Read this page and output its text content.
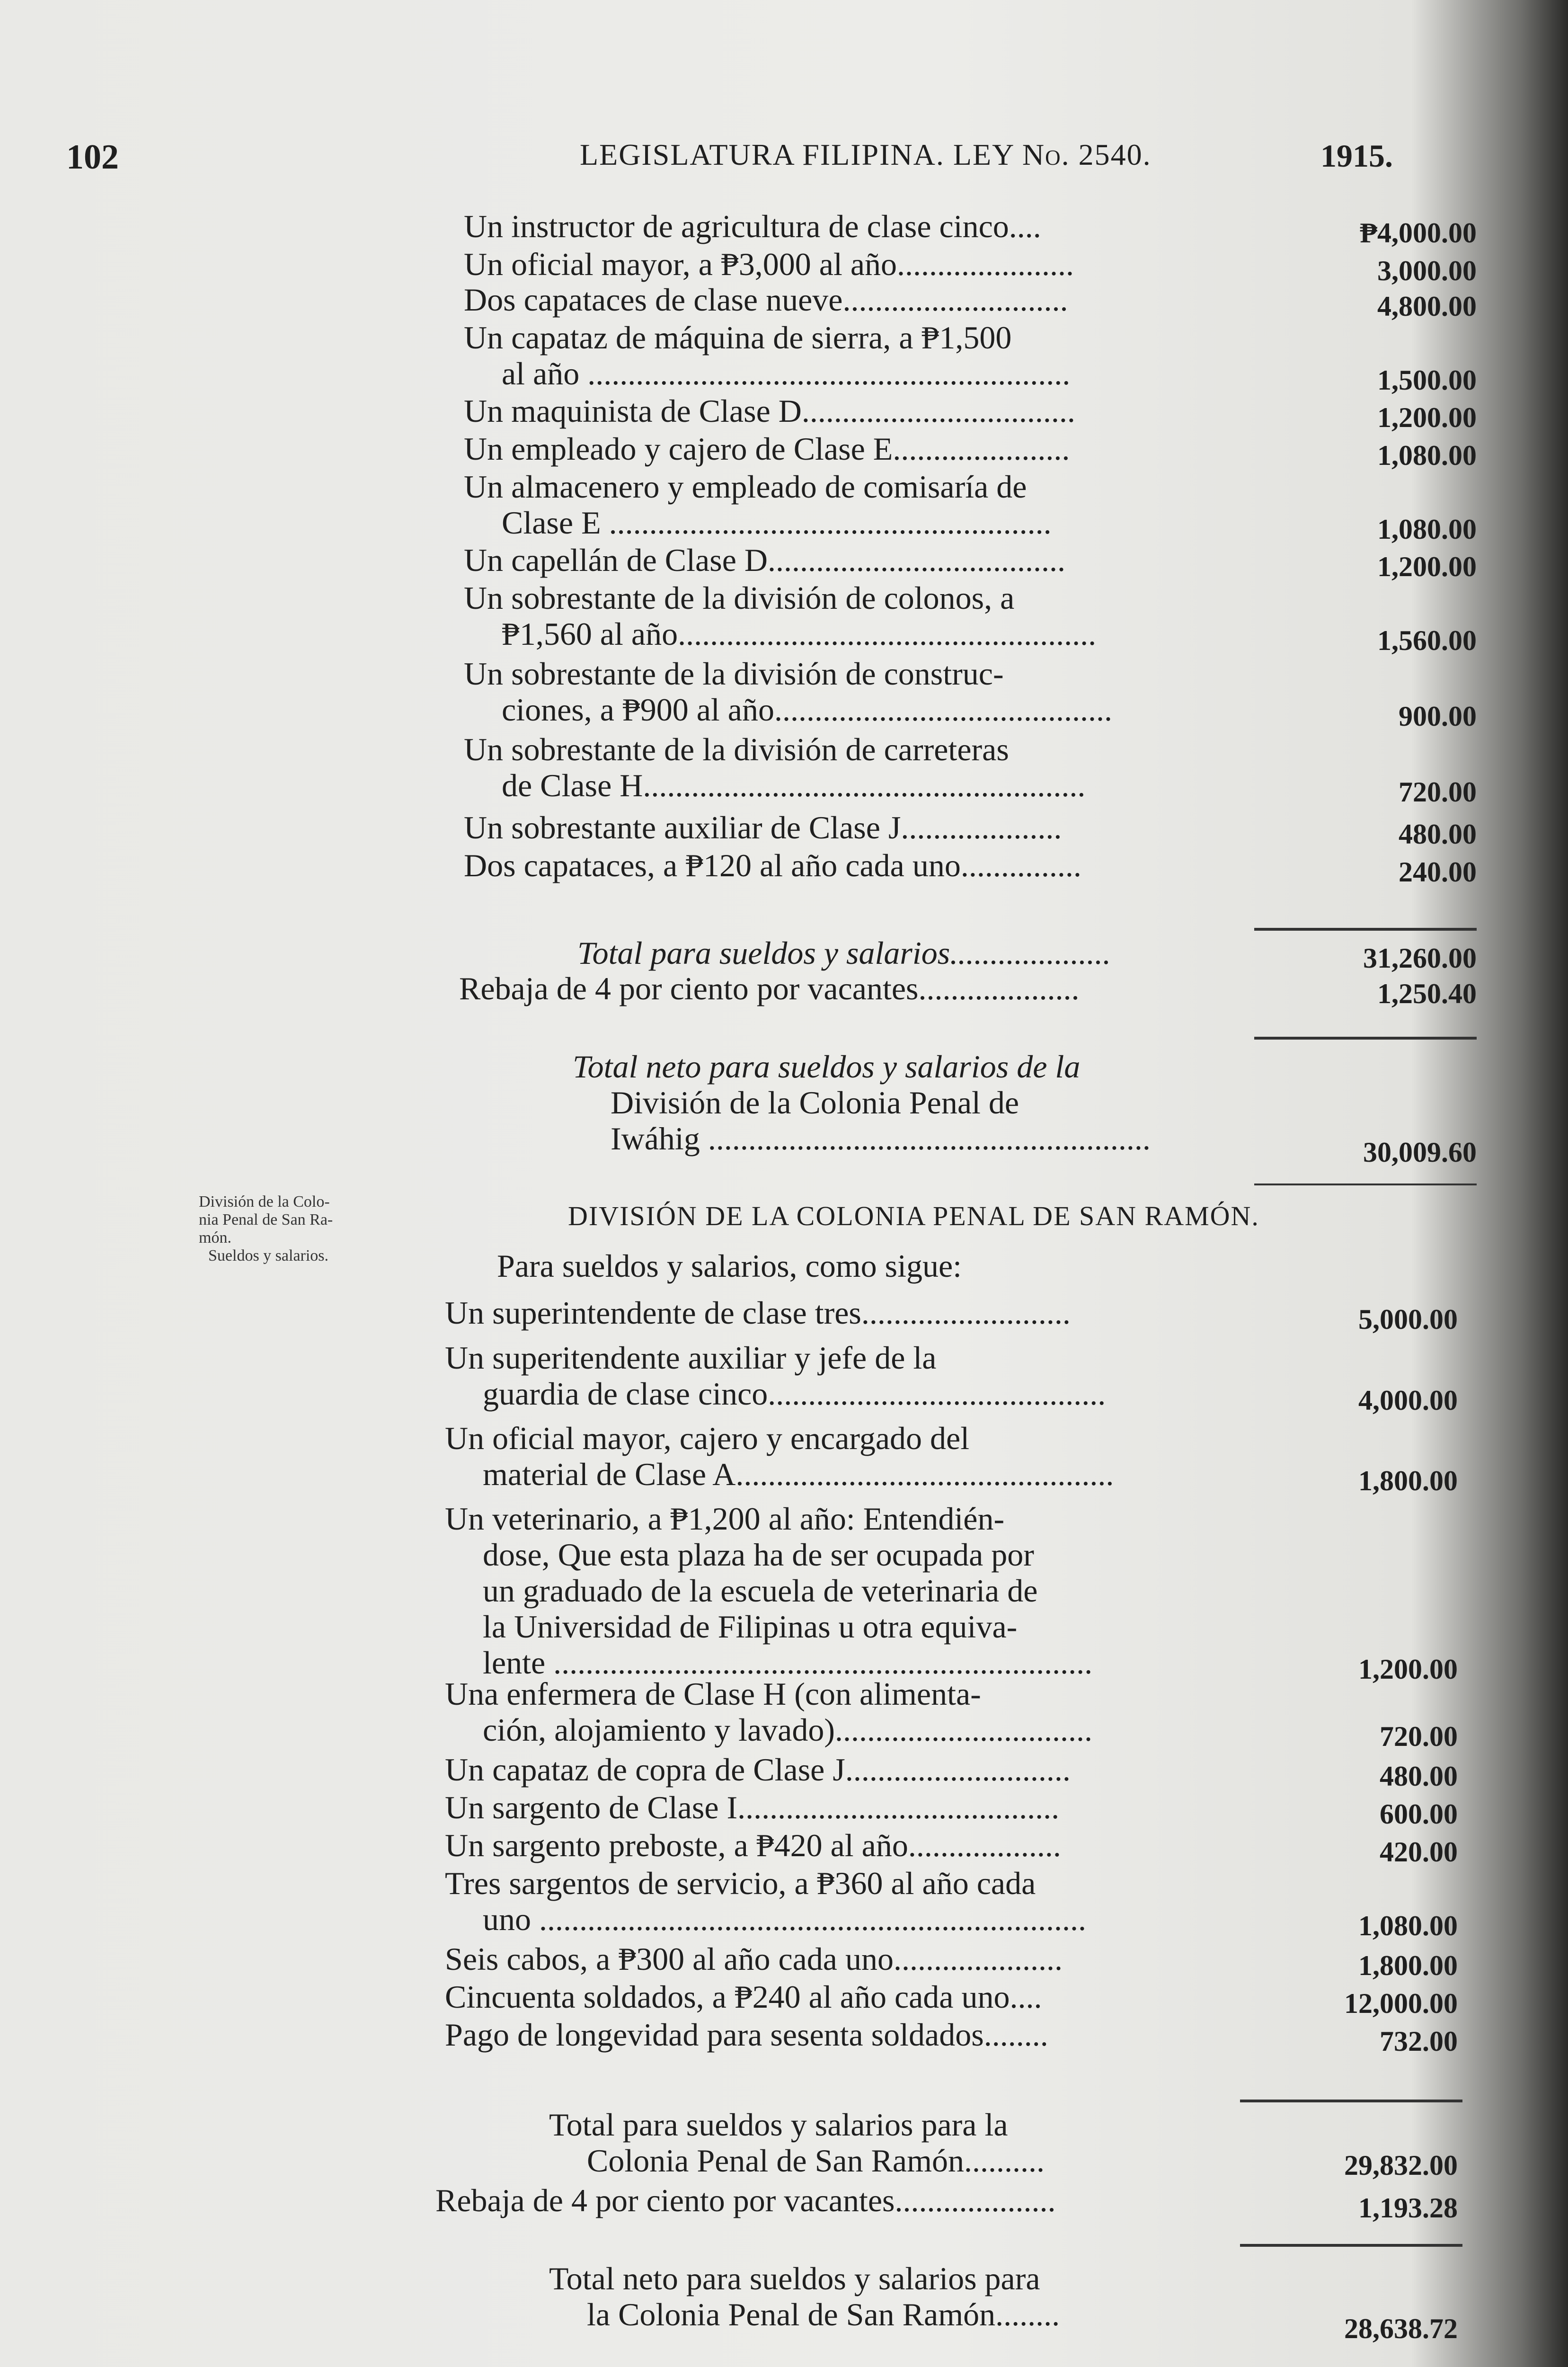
102	LEGISLATURA FILIPINA. LEY No. 2540.	1915.
Un instructor de agricultura de clase cinco....	₱4,000.00
Un oficial mayor, a ₱3,000 al año......................	3,000.00
Dos capataces de clase nueve............................	4,800.00
Un capataz de máquina de sierra, a ₱1,500
al año ............................................................	1,500.00
Un maquinista de Clase D..................................	1,200.00
Un empleado y cajero de Clase E......................	1,080.00
Un almacenero y empleado de comisaría de
Clase E .......................................................	1,080.00
Un capellán de Clase D.....................................	1,200.00
Un sobrestante de la división de colonos, a
₱1,560 al año....................................................	1,560.00
Un sobrestante de la división de construc-
ciones, a ₱900 al año..........................................	900.00
Un sobrestante de la división de carreteras
de Clase H.......................................................	720.00
Un sobrestante auxiliar de Clase J....................	480.00
Dos capataces, a ₱120 al año cada uno...............	240.00
Total para sueldos y salarios....................	31,260.00
Rebaja de 4 por ciento por vacantes....................	1,250.40
Total neto para sueldos y salarios de la
División de la Colonia Penal de
Iwáhig .......................................................	30,009.60
División de la Colo-
nia Penal de San Ra-
món.
Sueldos y salarios.
DIVISIÓN DE LA COLONIA PENAL DE SAN RAMÓN.
Para sueldos y salarios, como sigue:
Un superintendente de clase tres..........................	5,000.00
Un superitendente auxiliar y jefe de la
guardia de clase cinco..........................................	4,000.00
Un oficial mayor, cajero y encargado del
material de Clase A...............................................	1,800.00
Un veterinario, a ₱1,200 al año: Entendién-
dose, Que esta plaza ha de ser ocupada por
un graduado de la escuela de veterinaria de
la Universidad de Filipinas u otra equiva-
lente ...................................................................	1,200.00
Una enfermera de Clase H (con alimenta-
ción, alojamiento y lavado)................................	720.00
Un capataz de copra de Clase J............................	480.00
Un sargento de Clase I........................................	600.00
Un sargento preboste, a ₱420 al año...................	420.00
Tres sargentos de servicio, a ₱360 al año cada
uno ....................................................................	1,080.00
Seis cabos, a ₱300 al año cada uno.....................	1,800.00
Cincuenta soldados, a ₱240 al año cada uno....	12,000.00
Pago de longevidad para sesenta soldados........	732.00
Total para sueldos y salarios para la
Colonia Penal de San Ramón..........	29,832.00
Rebaja de 4 por ciento por vacantes....................	1,193.28
Total neto para sueldos y salarios para
la Colonia Penal de San Ramón........	28,638.72
